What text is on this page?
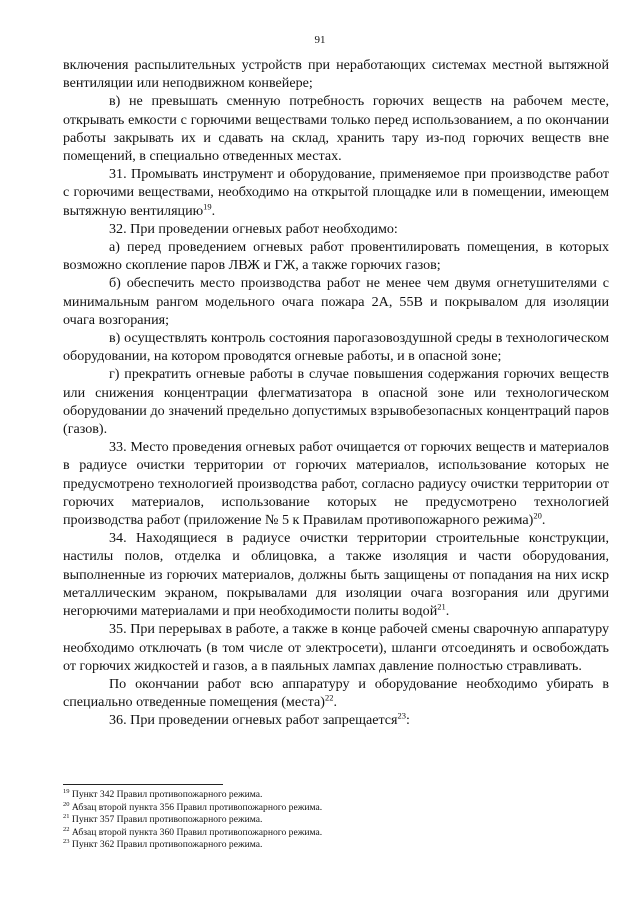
91

включения распылительных устройств при неработающих системах местной вытяжной вентиляции или неподвижном конвейере;

в) не превышать сменную потребность горючих веществ на рабочем месте, открывать емкости с горючими веществами только перед использованием, а по окончании работы закрывать их и сдавать на склад, хранить тару из-под горючих веществ вне помещений, в специально отведенных местах.

31. Промывать инструмент и оборудование, применяемое при производстве работ с горючими веществами, необходимо на открытой площадке или в помещении, имеющем вытяжную вентиляцию$^{19}$.

32. При проведении огневых работ необходимо:

а) перед проведением огневых работ провентилировать помещения, в которых возможно скопление паров ЛВЖ и ГЖ, а также горючих газов;

б) обеспечить место производства работ не менее чем двумя огнетушителями с минимальным рангом модельного очага пожара 2А, 55В и покрывалом для изоляции очага возгорания;

в) осуществлять контроль состояния парогазовоздушной среды в технологическом оборудовании, на котором проводятся огневые работы, и в опасной зоне;

г) прекратить огневые работы в случае повышения содержания горючих веществ или снижения концентрации флегматизатора в опасной зоне или технологическом оборудовании до значений предельно допустимых взрывобезопасных концентраций паров (газов).

33. Место проведения огневых работ очищается от горючих веществ и материалов в радиусе очистки территории от горючих материалов, использование которых не предусмотрено технологией производства работ, согласно радиусу очистки территории от горючих материалов, использование которых не предусмотрено технологией производства работ (приложение № 5 к Правилам противопожарного режима)$^{20}$.

34. Находящиеся в радиусе очистки территории строительные конструкции, настилы полов, отделка и облицовка, а также изоляция и части оборудования, выполненные из горючих материалов, должны быть защищены от попадания на них искр металлическим экраном, покрывалами для изоляции очага возгорания или другими негорючими материалами и при необходимости политы водой$^{21}$.

35. При перерывах в работе, а также в конце рабочей смены сварочную аппаратуру необходимо отключать (в том числе от электросети), шланги отсоединять и освобождать от горючих жидкостей и газов, а в паяльных лампах давление полностью стравливать.

По окончании работ всю аппаратуру и оборудование необходимо убирать в специально отведенные помещения (места)$^{22}$.

36. При проведении огневых работ запрещается$^{23}$:

$^{19}$ Пункт 342 Правил противопожарного режима.

$^{20}$ Абзац второй пункта 356 Правил противопожарного режима.

$^{21}$ Пункт 357 Правил противопожарного режима.

$^{22}$ Абзац второй пункта 360 Правил противопожарного режима.

$^{23}$ Пункт 362 Правил противопожарного режима.
